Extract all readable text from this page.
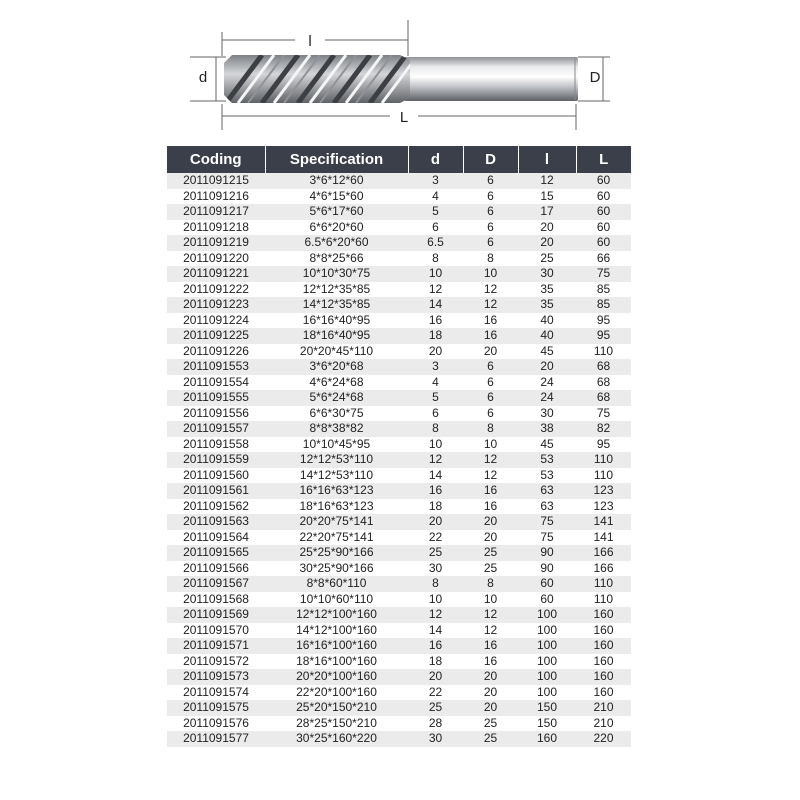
l
d	D
L
Coding	Specification	d	D	l	L
2011091215	3*6*12*60	3	6	12	60
2011091216	4*6*15*60	4	6	15	60
2011091217	5*6*17*60	5	6	17	60
2011091218	6*6*20*60	6	6	20	60
2011091219	6.5*6*20*60	6.5	6	20	60
2011091220	8*8*25*66	8	8	25	66
2011091221	10*10*30*75	10	10	30	75
2011091222	12*12*35*85	12	12	35	85
2011091223	14*12*35*85	14	12	35	85
2011091224	16*16*40*95	16	16	40	95
2011091225	18*16*40*95	18	16	40	95
2011091226	20*20*45*110	20	20	45	110
2011091553	3*6*20*68	3	6	20	68
2011091554	4*6*24*68	4	6	24	68
2011091555	5*6*24*68	5	6	24	68
2011091556	6*6*30*75	6	6	30	75
2011091557	8*8*38*82	8	8	38	82
2011091558	10*10*45*95	10	10	45	95
2011091559	12*12*53*110	12	12	53	110
2011091560	14*12*53*110	14	12	53	110
2011091561	16*16*63*123	16	16	63	123
2011091562	18*16*63*123	18	16	63	123
2011091563	20*20*75*141	20	20	75	141
2011091564	22*20*75*141	22	20	75	141
2011091565	25*25*90*166	25	25	90	166
2011091566	30*25*90*166	30	25	90	166
2011091567	8*8*60*110	8	8	60	110
2011091568	10*10*60*110	10	10	60	110
2011091569	12*12*100*160	12	12	100	160
2011091570	14*12*100*160	14	12	100	160
2011091571	16*16*100*160	16	16	100	160
2011091572	18*16*100*160	18	16	100	160
2011091573	20*20*100*160	20	20	100	160
2011091574	22*20*100*160	22	20	100	160
2011091575	25*20*150*210	25	20	150	210
2011091576	28*25*150*210	28	25	150	210
2011091577	30*25*160*220	30	25	160	220
